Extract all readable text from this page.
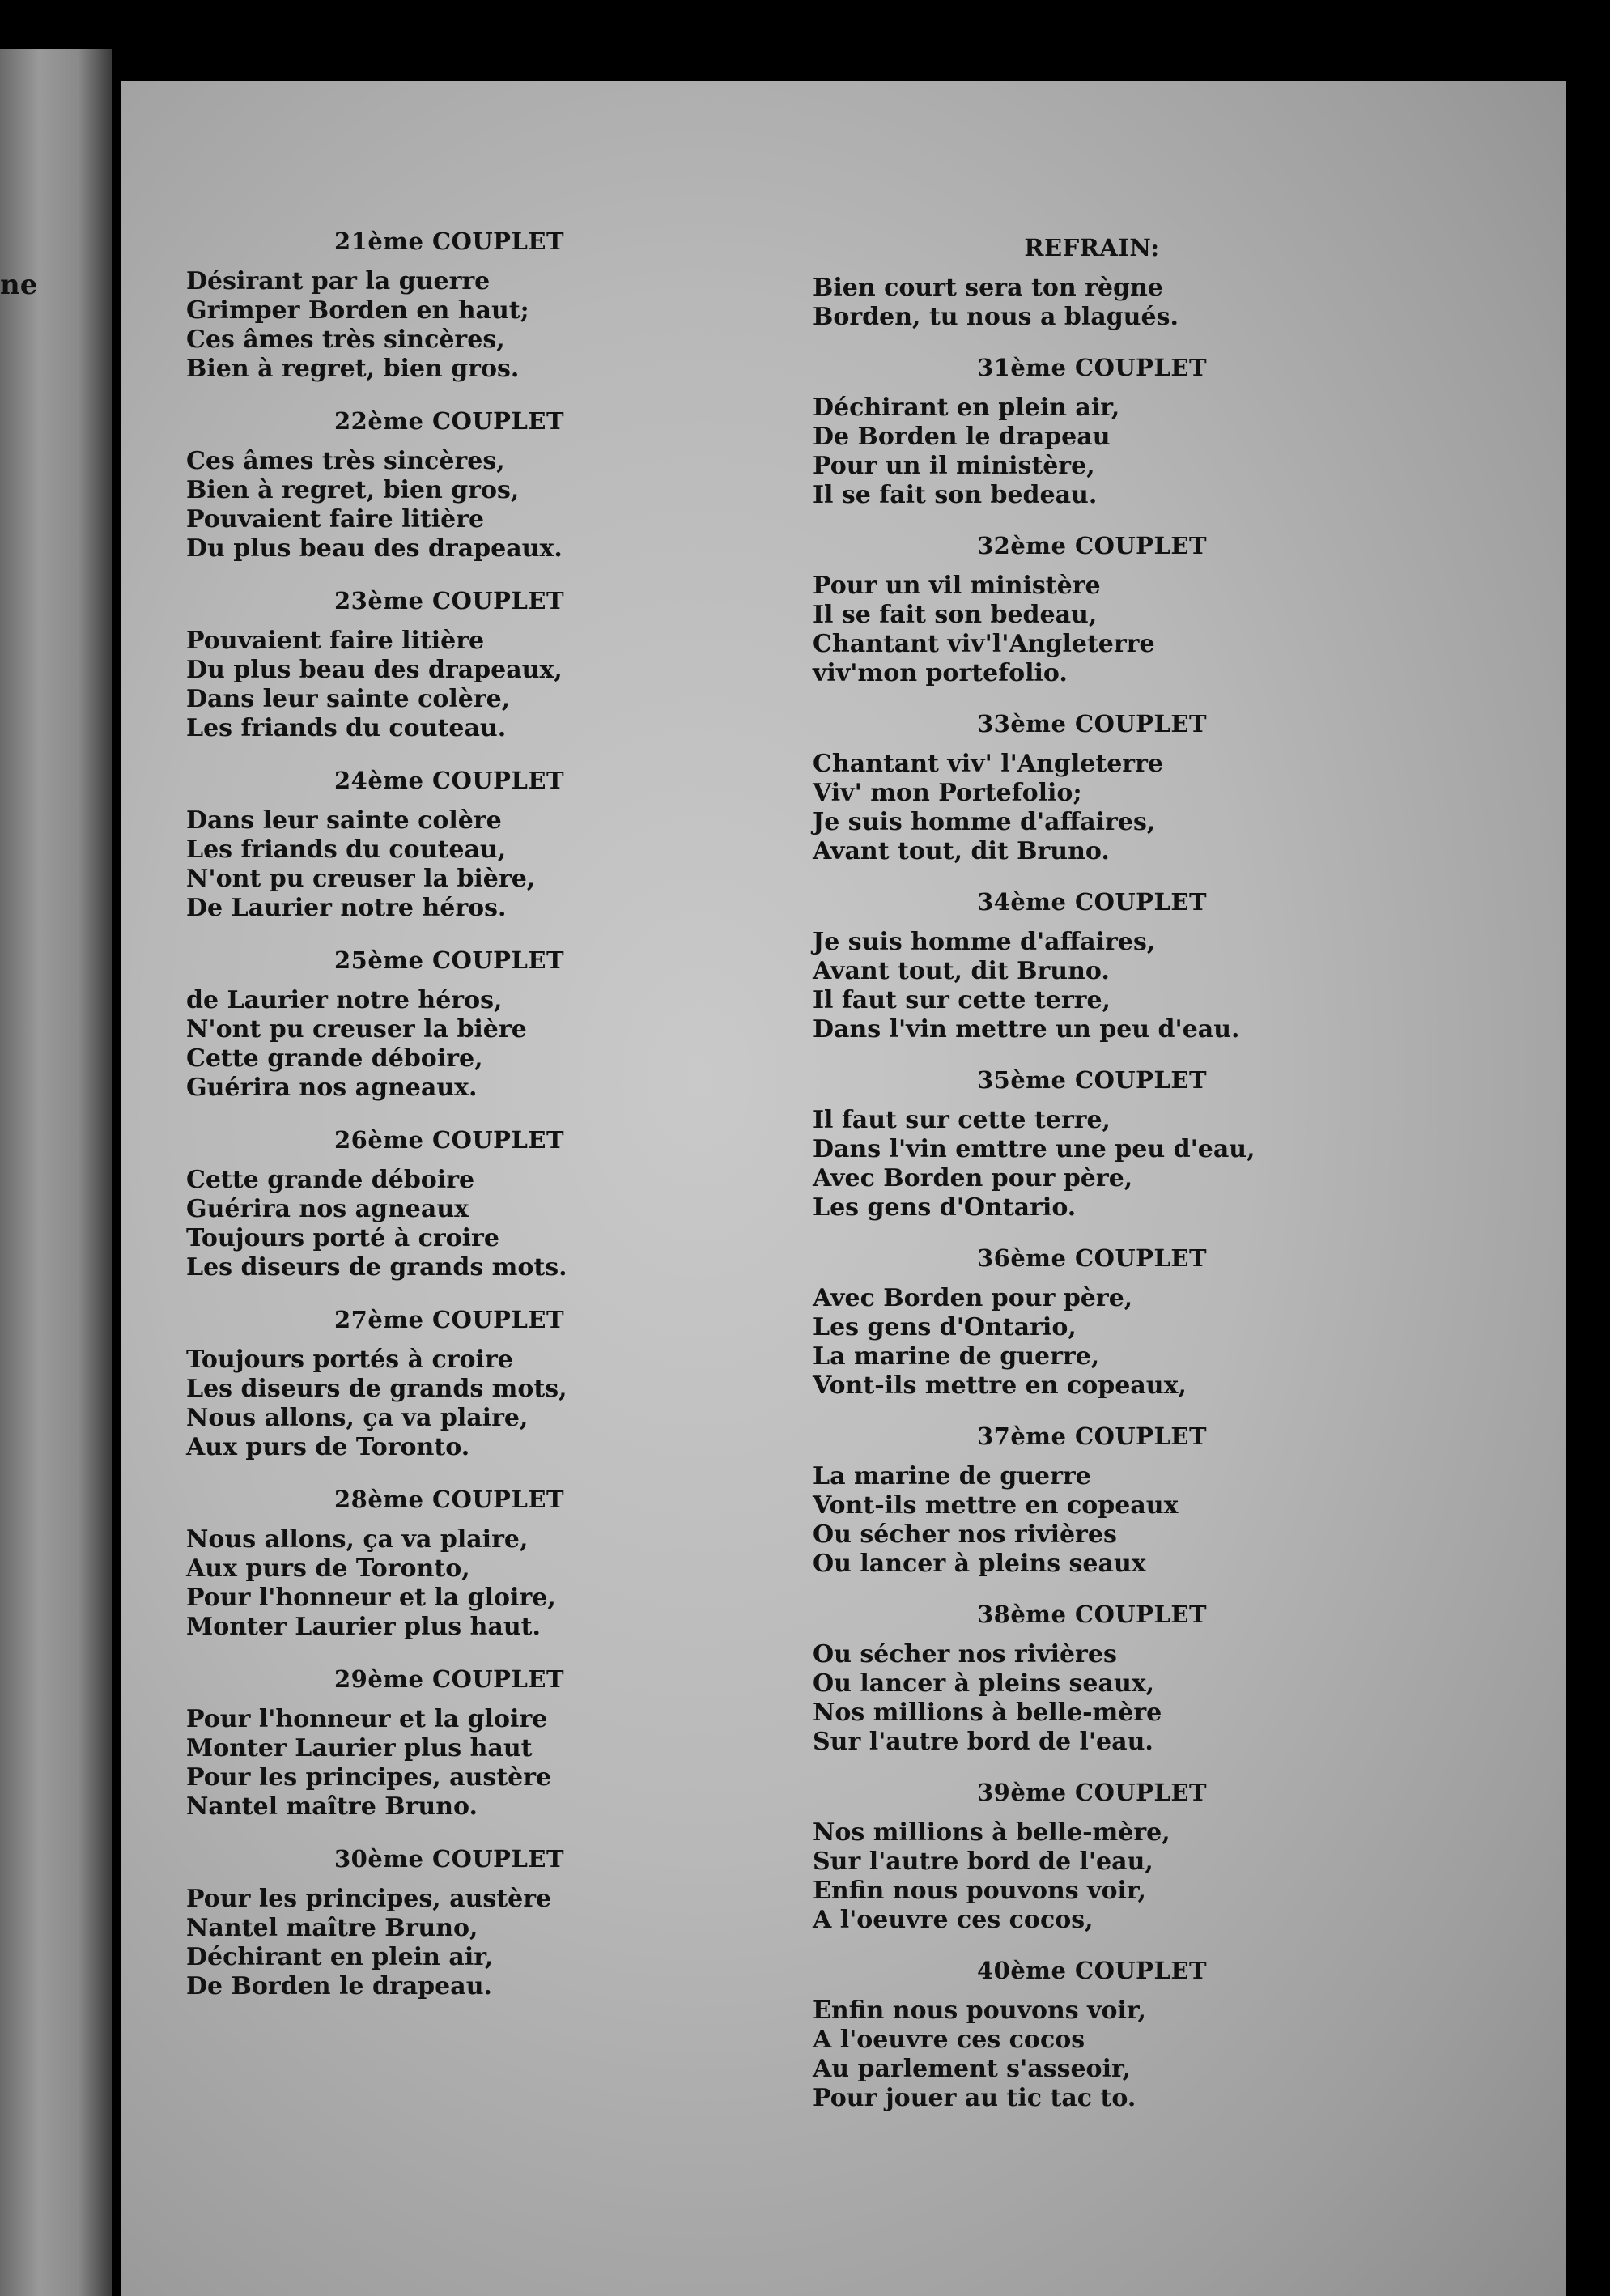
ne
21ème COUPLET
Désirant par la guerre
Grimper Borden en haut;
Ces âmes très sincères,
Bien à regret, bien gros.
22ème COUPLET
Ces âmes très sincères,
Bien à regret, bien gros,
Pouvaient faire litière
Du plus beau des drapeaux.
23ème COUPLET
Pouvaient faire litière
Du plus beau des drapeaux,
Dans leur sainte colère,
Les friands du couteau.
24ème COUPLET
Dans leur sainte colère
Les friands du couteau,
N'ont pu creuser la bière,
De Laurier notre héros.
25ème COUPLET
de Laurier notre héros,
N'ont pu creuser la bière
Cette grande déboire,
Guérira nos agneaux.
26ème COUPLET
Cette grande déboire
Guérira nos agneaux
Toujours porté à croire
Les diseurs de grands mots.
27ème COUPLET
Toujours portés à croire
Les diseurs de grands mots,
Nous allons, ça va plaire,
Aux purs de Toronto.
28ème COUPLET
Nous allons, ça va plaire,
Aux purs de Toronto,
Pour l'honneur et la gloire,
Monter Laurier plus haut.
29ème COUPLET
Pour l'honneur et la gloire
Monter Laurier plus haut
Pour les principes, austère
Nantel maître Bruno.
30ème COUPLET
Pour les principes, austère
Nantel maître Bruno,
Déchirant en plein air,
De Borden le drapeau.
REFRAIN:
Bien court sera ton règne
Borden, tu nous a blagués.
31ème COUPLET
Déchirant en plein air,
De Borden le drapeau
Pour un il ministère,
Il se fait son bedeau.
32ème COUPLET
Pour un vil ministère
Il se fait son bedeau,
Chantant viv'l'Angleterre
viv'mon portefolio.
33ème COUPLET
Chantant viv' l'Angleterre
Viv' mon Portefolio;
Je suis homme d'affaires,
Avant tout, dit Bruno.
34ème COUPLET
Je suis homme d'affaires,
Avant tout, dit Bruno.
Il faut sur cette terre,
Dans l'vin mettre un peu d'eau.
35ème COUPLET
Il faut sur cette terre,
Dans l'vin emttre une peu d'eau,
Avec Borden pour père,
Les gens d'Ontario.
36ème COUPLET
Avec Borden pour père,
Les gens d'Ontario,
La marine de guerre,
Vont-ils mettre en copeaux,
37ème COUPLET
La marine de guerre
Vont-ils mettre en copeaux
Ou sécher nos rivières
Ou lancer à pleins seaux
38ème COUPLET
Ou sécher nos rivières
Ou lancer à pleins seaux,
Nos millions à belle-mère
Sur l'autre bord de l'eau.
39ème COUPLET
Nos millions à belle-mère,
Sur l'autre bord de l'eau,
Enfin nous pouvons voir,
A l'oeuvre ces cocos,
40ème COUPLET
Enfin nous pouvons voir,
A l'oeuvre ces cocos
Au parlement s'asseoir,
Pour jouer au tic tac to.
